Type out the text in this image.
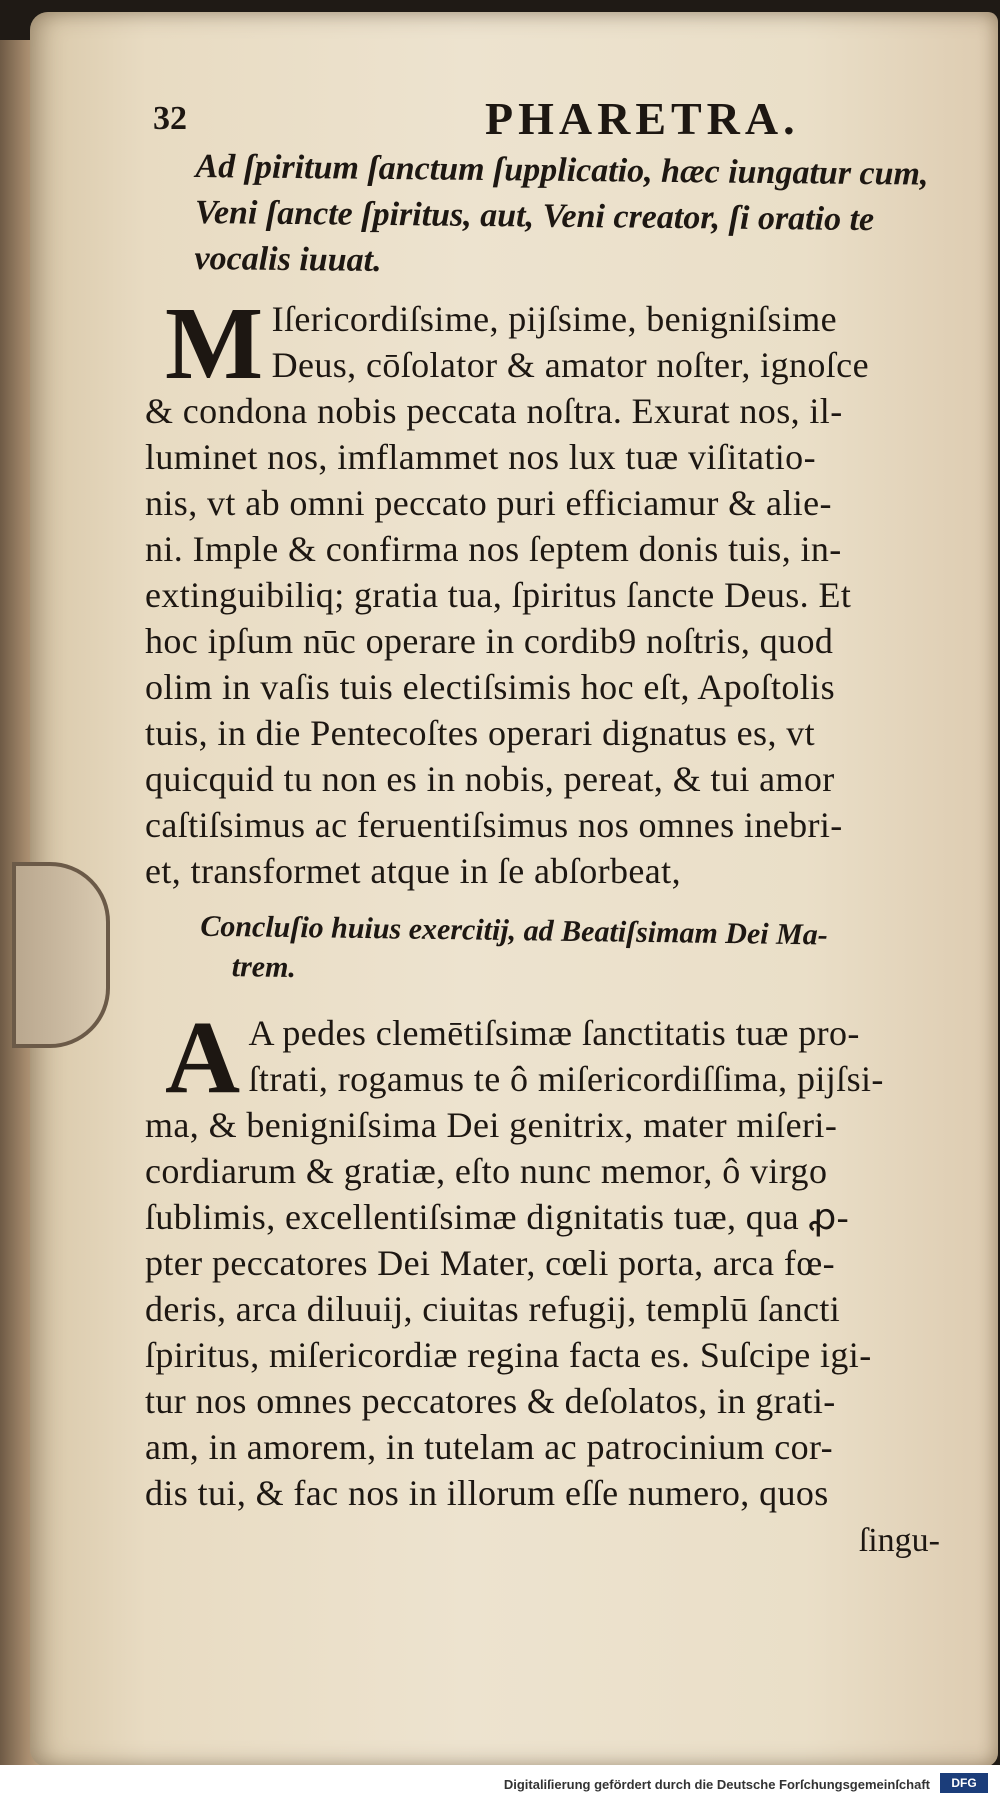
32	PHARETRA.
Ad ſpiritum ſanctum ſupplicatio, hæc iungatur cum,
Veni ſancte ſpiritus, aut, Veni creator, ſi oratio te
vocalis iuuat.
M Iſericordiſsime, pijſsime, benigniſsime
Deus, cōſolator & amator noſter, ignoſce
& condona nobis peccata noſtra. Exurat nos, il-
luminet nos, imflammet nos lux tuæ viſitatio-
nis, vt ab omni peccato puri efficiamur & alie-
ni. Imple & confirma nos ſeptem donis tuis, in-
extinguibiliq; gratia tua, ſpiritus ſancte Deus. Et
hoc ipſum nūc operare in cordib9 noſtris, quod
olim in vaſis tuis electiſsimis hoc eſt, Apoſtolis
tuis, in die Pentecoſtes operari dignatus es, vt
quicquid tu non es in nobis, pereat, & tui amor
caſtiſsimus ac feruentiſsimus nos omnes inebri-
et, transformet atque in ſe abſorbeat,
Concluſio huius exercitij, ad Beatiſsimam Dei Ma-
trem.
A A pedes clemētiſsimæ ſanctitatis tuæ pro-
ſtrati, rogamus te ô miſericordiſſima, pijſsi-
ma, & benigniſsima Dei genitrix, mater miſeri-
cordiarum & gratiæ, eſto nunc memor, ô virgo
ſublimis, excellentiſsimæ dignitatis tuæ, qua ꝓ-
pter peccatores Dei Mater, cœli porta, arca fœ-
deris, arca diluuij, ciuitas refugij, templū ſancti
ſpiritus, miſericordiæ regina facta es. Suſcipe igi-
tur nos omnes peccatores & deſolatos, in grati-
am, in amorem, in tutelam ac patrocinium cor-
dis tui, & fac nos in illorum eſſe numero, quos
ſingu-
Digitaliſierung gefördert durch die Deutsche Forſchungsgemeinſchaft	DFG
